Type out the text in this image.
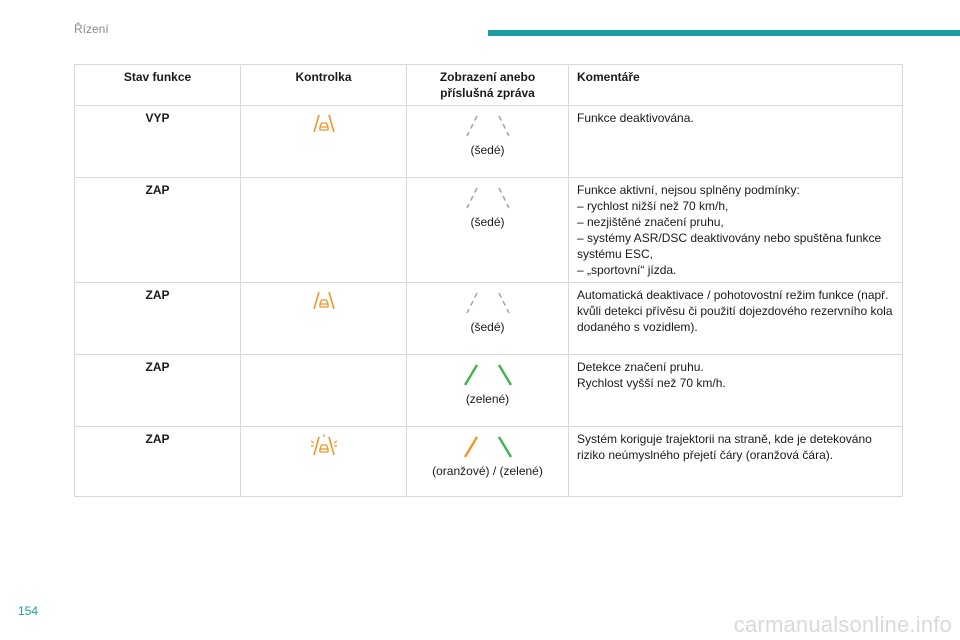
Řízení
Stav funkce	Kontrolka	Zobrazení anebo příslušná zpráva	Komentáře
VYP		(šedé)	Funkce deaktivována.

ZAP		(šedé)	Funkce aktivní, nejsou splněny podmínky:
– rychlost nižší než 70 km/h,
– nezjištěné značení pruhu,
– systémy ASR/DSC deaktivovány nebo spuštěna funkce systému ESC,
– „sportovní“ jízda.

ZAP		(šedé)	Automatická deaktivace / pohotovostní režim funkce (např. kvůli detekci přívěsu či použití dojezdového rezervního kola dodaného s vozidlem).

ZAP		(zelené)	Detekce značení pruhu.
Rychlost vyšší než 70 km/h.

ZAP		(oranžové) / (zelené)	Systém koriguje trajektorii na straně, kde je detekováno riziko neúmyslného přejetí čáry (oranžová čára).
154
carmanualsonline.info
